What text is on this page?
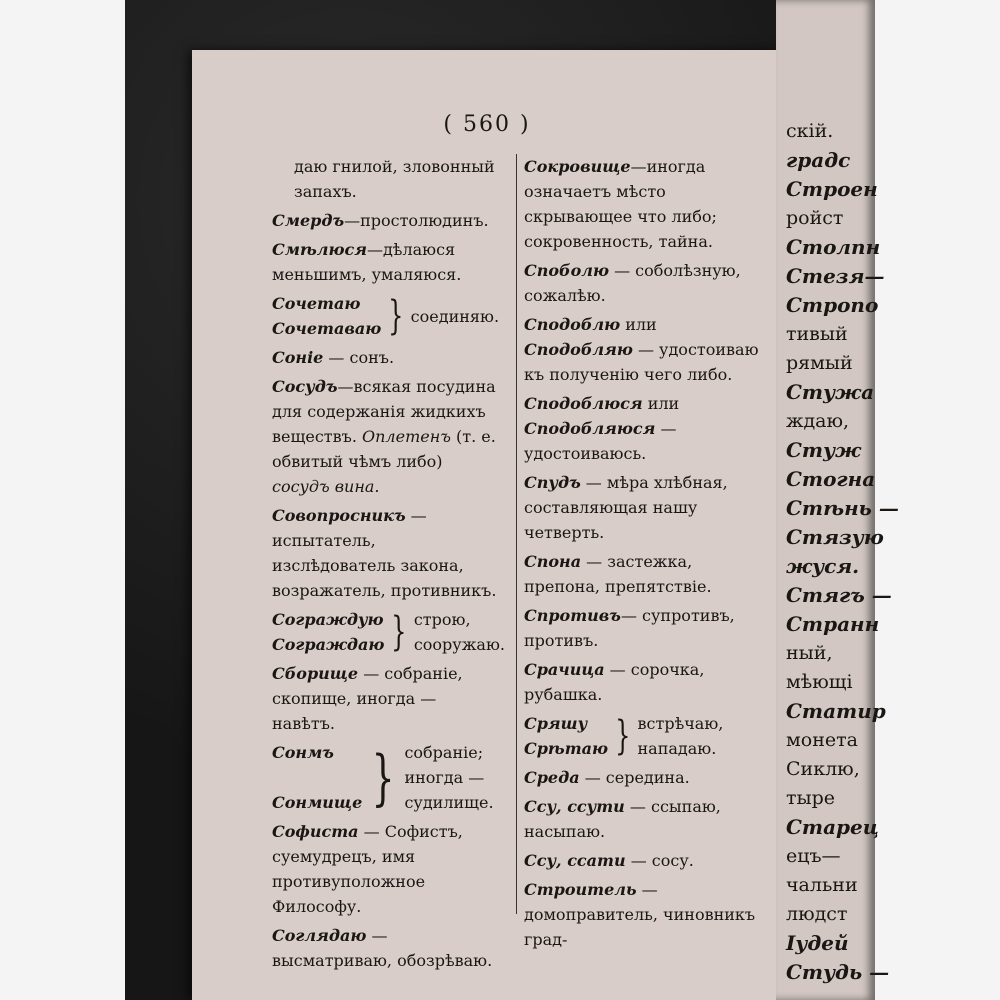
( 560 )
даю гнилой, зловонный запахъ.
Смердъ—простолюдинъ.
Смѣлюся—дѣлаюся меньшимъ, умаляюся.
Сочетаю
Сочетаваю } соединяю.
Соніе — сонъ.
Сосудъ—всякая посудина для содержанія жидкихъ веществъ. Оплетенъ (т. е. обвитый чѣмъ либо) сосудъ вина.
Совопросникъ — испытатель, изслѣдователь закона, возражатель, противникъ.
Сограждую
Сограждаю } строю, сооружаю.
Сборище — собраніе, скопище, иногда — навѣтъ.
Сонмъ

Сонмище } собраніе; иногда — судилище.
Софиста — Софистъ, суемудрецъ, имя противуположное Философу.
Соглядаю — высматриваю, обозрѣваю.
Сокровище—иногда означаетъ мѣсто скрывающее что либо; сокровенность, тайна.
Споболю — соболѣзную, сожалѣю.
Сподоблю или Сподобляю — удостоиваю къ полученію чего либо.
Сподоблюся или Сподобляюся — удостоиваюсь.
Спудъ — мѣра хлѣбная, составляющая нашу четверть.
Спона — застежка, препона, препятствіе.
Спротивъ— супротивъ, противъ.
Срачица — сорочка, рубашка.
Сряшу
Срѣтаю } встрѣчаю, нападаю.
Среда — середина.
Ссу, ссути — ссыпаю, насыпаю.
Ссу, ссати — сосу.
Строитель — домоправитель, чиновникъ град-
скій.
градс
Строен
ройст
Столпн
Стезя—
Стропо
тивый
рямый
Стужа
ждаю,
Стуж
Стогна
Стѣнь —
Стязую
жуся.
Стягъ —
Странн
ный,
мѣющі
Статир
монета
Сиклю,
тыре
Старец
ецъ—
чальни
людст
Іудей
Студь —
